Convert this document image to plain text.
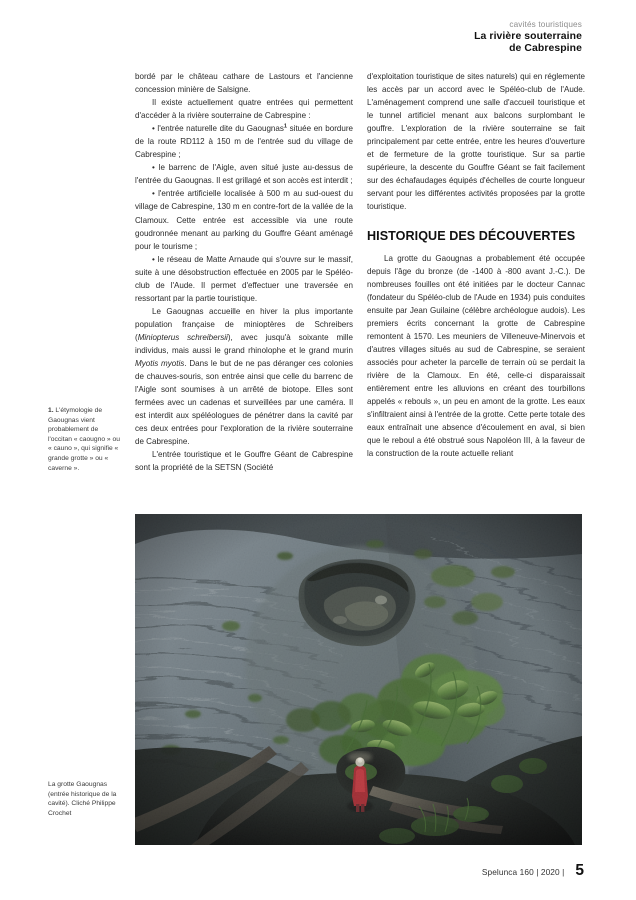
cavités touristiques
La rivière souterraine
de Cabrespine

bordé par le château cathare de Lastours et l'ancienne concession minière de Salsigne.

Il existe actuellement quatre entrées qui permettent d'accéder à la rivière souterraine de Cabrespine :

• l'entrée naturelle dite du Gaougnas$^1$ située en bordure de la route RD112 à 150 m de l'entrée sud du village de Cabrespine ;

• le barrenc de l'Aigle, aven situé juste au-dessus de l'entrée du Gaougnas. Il est grillagé et son accès est interdit ;

• l'entrée artificielle localisée à 500 m au sud-ouest du village de Cabrespine, 130 m en contre-fort de la vallée de la Clamoux. Cette entrée est accessible via une route goudronnée menant au parking du Gouffre Géant aménagé pour le tourisme ;

• le réseau de Matte Arnaude qui s'ouvre sur le massif, suite à une désobstruction effectuée en 2005 par le Spéléo-club de l'Aude. Il permet d'effectuer une traversée en ressortant par la partie touristique.

Le Gaougnas accueille en hiver la plus importante population française de minioptères de Schreibers (Miniopterus schreibersii), avec jusqu'à soixante mille individus, mais aussi le grand rhinolophe et le grand murin Myotis myotis. Dans le but de ne pas déranger ces colonies de chauves-souris, son entrée ainsi que celle du barrenc de l'Aigle sont soumises à un arrêté de biotope. Elles sont fermées avec un cadenas et surveillées par une caméra. Il est interdit aux spéléologues de pénétrer dans la cavité par ces deux entrées pour l'exploration de la rivière souterraine de Cabrespine.

L'entrée touristique et le Gouffre Géant de Cabrespine sont la propriété de la SETSN (Société

d'exploitation touristique de sites naturels) qui en réglemente les accès par un accord avec le Spéléo-club de l'Aude. L'aménagement comprend une salle d'accueil touristique et le tunnel artificiel menant aux balcons surplombant le gouffre. L'exploration de la rivière souterraine se fait principalement par cette entrée, entre les heures d'ouverture et de fermeture de la grotte touristique. Sur sa partie supérieure, la descente du Gouffre Géant se fait facilement sur des échafaudages équipés d'échelles de courte longueur servant pour les différentes activités proposées par la grotte touristique.

HISTORIQUE DES DÉCOUVERTES

La grotte du Gaougnas a probablement été occupée depuis l'âge du bronze (de -1400 à -800 avant J.-C.). De nombreuses fouilles ont été initiées par le docteur Cannac (fondateur du Spéléo-club de l'Aude en 1934) puis conduites ensuite par Jean Guilaine (célèbre archéologue audois). Les premiers écrits concernant la grotte de Cabrespine remontent à 1570. Les meuniers de Villeneuve-Minervois et d'autres villages situés au sud de Cabrespine, se seraient associés pour acheter la parcelle de terrain où se perdait la rivière de la Clamoux. En été, celle-ci disparaissait entièrement entre les alluvions en créant des tourbillons appelés « rebouls », un peu en amont de la grotte. Les eaux s'infiltraient ainsi à l'entrée de la grotte. Cette perte totale des eaux entraînait une absence d'écoulement en aval, si bien que le reboul a été obstrué sous Napoléon III, à la faveur de la construction de la route actuelle reliant

1. L'étymologie de Gaougnas vient probablement de l'occitan « caougno » ou « cauno », qui signifie « grande grotte » ou « caverne ».
La grotte Gaougnas (entrée historique de la cavité). Cliché Philippe Crochet
Spelunca 160 | 2020 | 5
